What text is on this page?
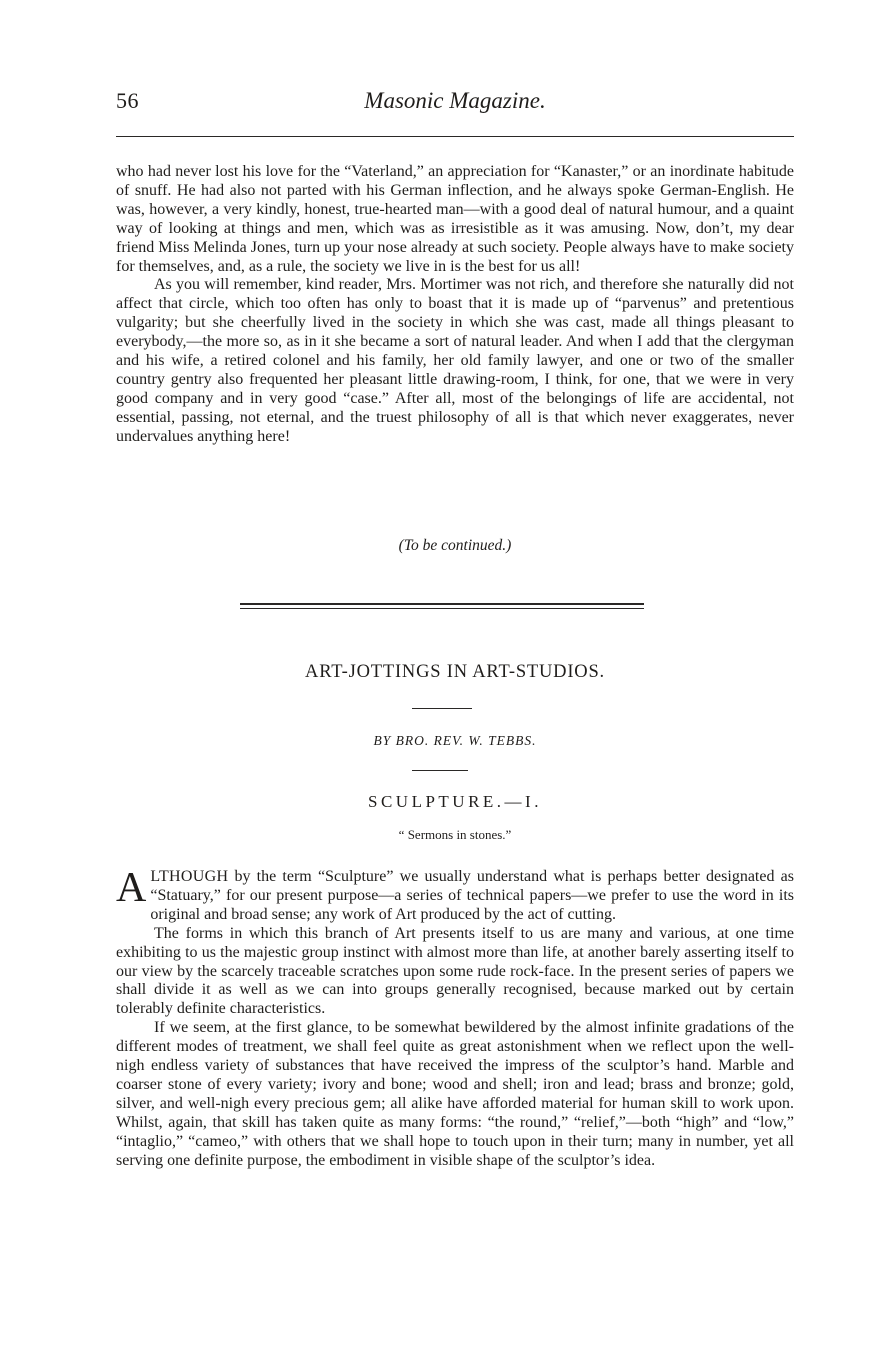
56	Masonic Magazine.

who had never lost his love for the “Vaterland,” an appreciation for “Kanaster,” or an inordinate habitude of snuff. He had also not parted with his German inflection, and he always spoke German-English. He was, however, a very kindly, honest, true-hearted man—with a good deal of natural humour, and a quaint way of looking at things and men, which was as irresistible as it was amusing. Now, don’t, my dear friend Miss Melinda Jones, turn up your nose already at such society. People always have to make society for themselves, and, as a rule, the society we live in is the best for us all!

As you will remember, kind reader, Mrs. Mortimer was not rich, and therefore she naturally did not affect that circle, which too often has only to boast that it is made up of “parvenus” and pretentious vulgarity; but she cheerfully lived in the society in which she was cast, made all things pleasant to everybody,—the more so, as in it she became a sort of natural leader. And when I add that the clergyman and his wife, a retired colonel and his family, her old family lawyer, and one or two of the smaller country gentry also frequented her pleasant little drawing-room, I think, for one, that we were in very good company and in very good “case.” After all, most of the belongings of life are accidental, not essential, passing, not eternal, and the truest philosophy of all is that which never exaggerates, never undervalues anything here!

(To be continued.)
ART-JOTTINGS IN ART-STUDIOS.
BY BRO. REV. W. TEBBS.
SCULPTURE.—I.
“ Sermons in stones.”

ALTHOUGH by the term “Sculpture” we usually understand what is perhaps better designated as “Statuary,” for our present purpose—a series of technical papers—we prefer to use the word in its original and broad sense; any work of Art produced by the act of cutting.

The forms in which this branch of Art presents itself to us are many and various, at one time exhibiting to us the majestic group instinct with almost more than life, at another barely asserting itself to our view by the scarcely traceable scratches upon some rude rock-face. In the present series of papers we shall divide it as well as we can into groups generally recognised, because marked out by certain tolerably definite characteristics.

If we seem, at the first glance, to be somewhat bewildered by the almost infinite gradations of the different modes of treatment, we shall feel quite as great astonishment when we reflect upon the well-nigh endless variety of substances that have received the impress of the sculptor’s hand. Marble and coarser stone of every variety; ivory and bone; wood and shell; iron and lead; brass and bronze; gold, silver, and well-nigh every precious gem; all alike have afforded material for human skill to work upon. Whilst, again, that skill has taken quite as many forms: “the round,” “relief,”—both “high” and “low,” “intaglio,” “cameo,” with others that we shall hope to touch upon in their turn; many in number, yet all serving one definite purpose, the embodiment in visible shape of the sculptor’s idea.
